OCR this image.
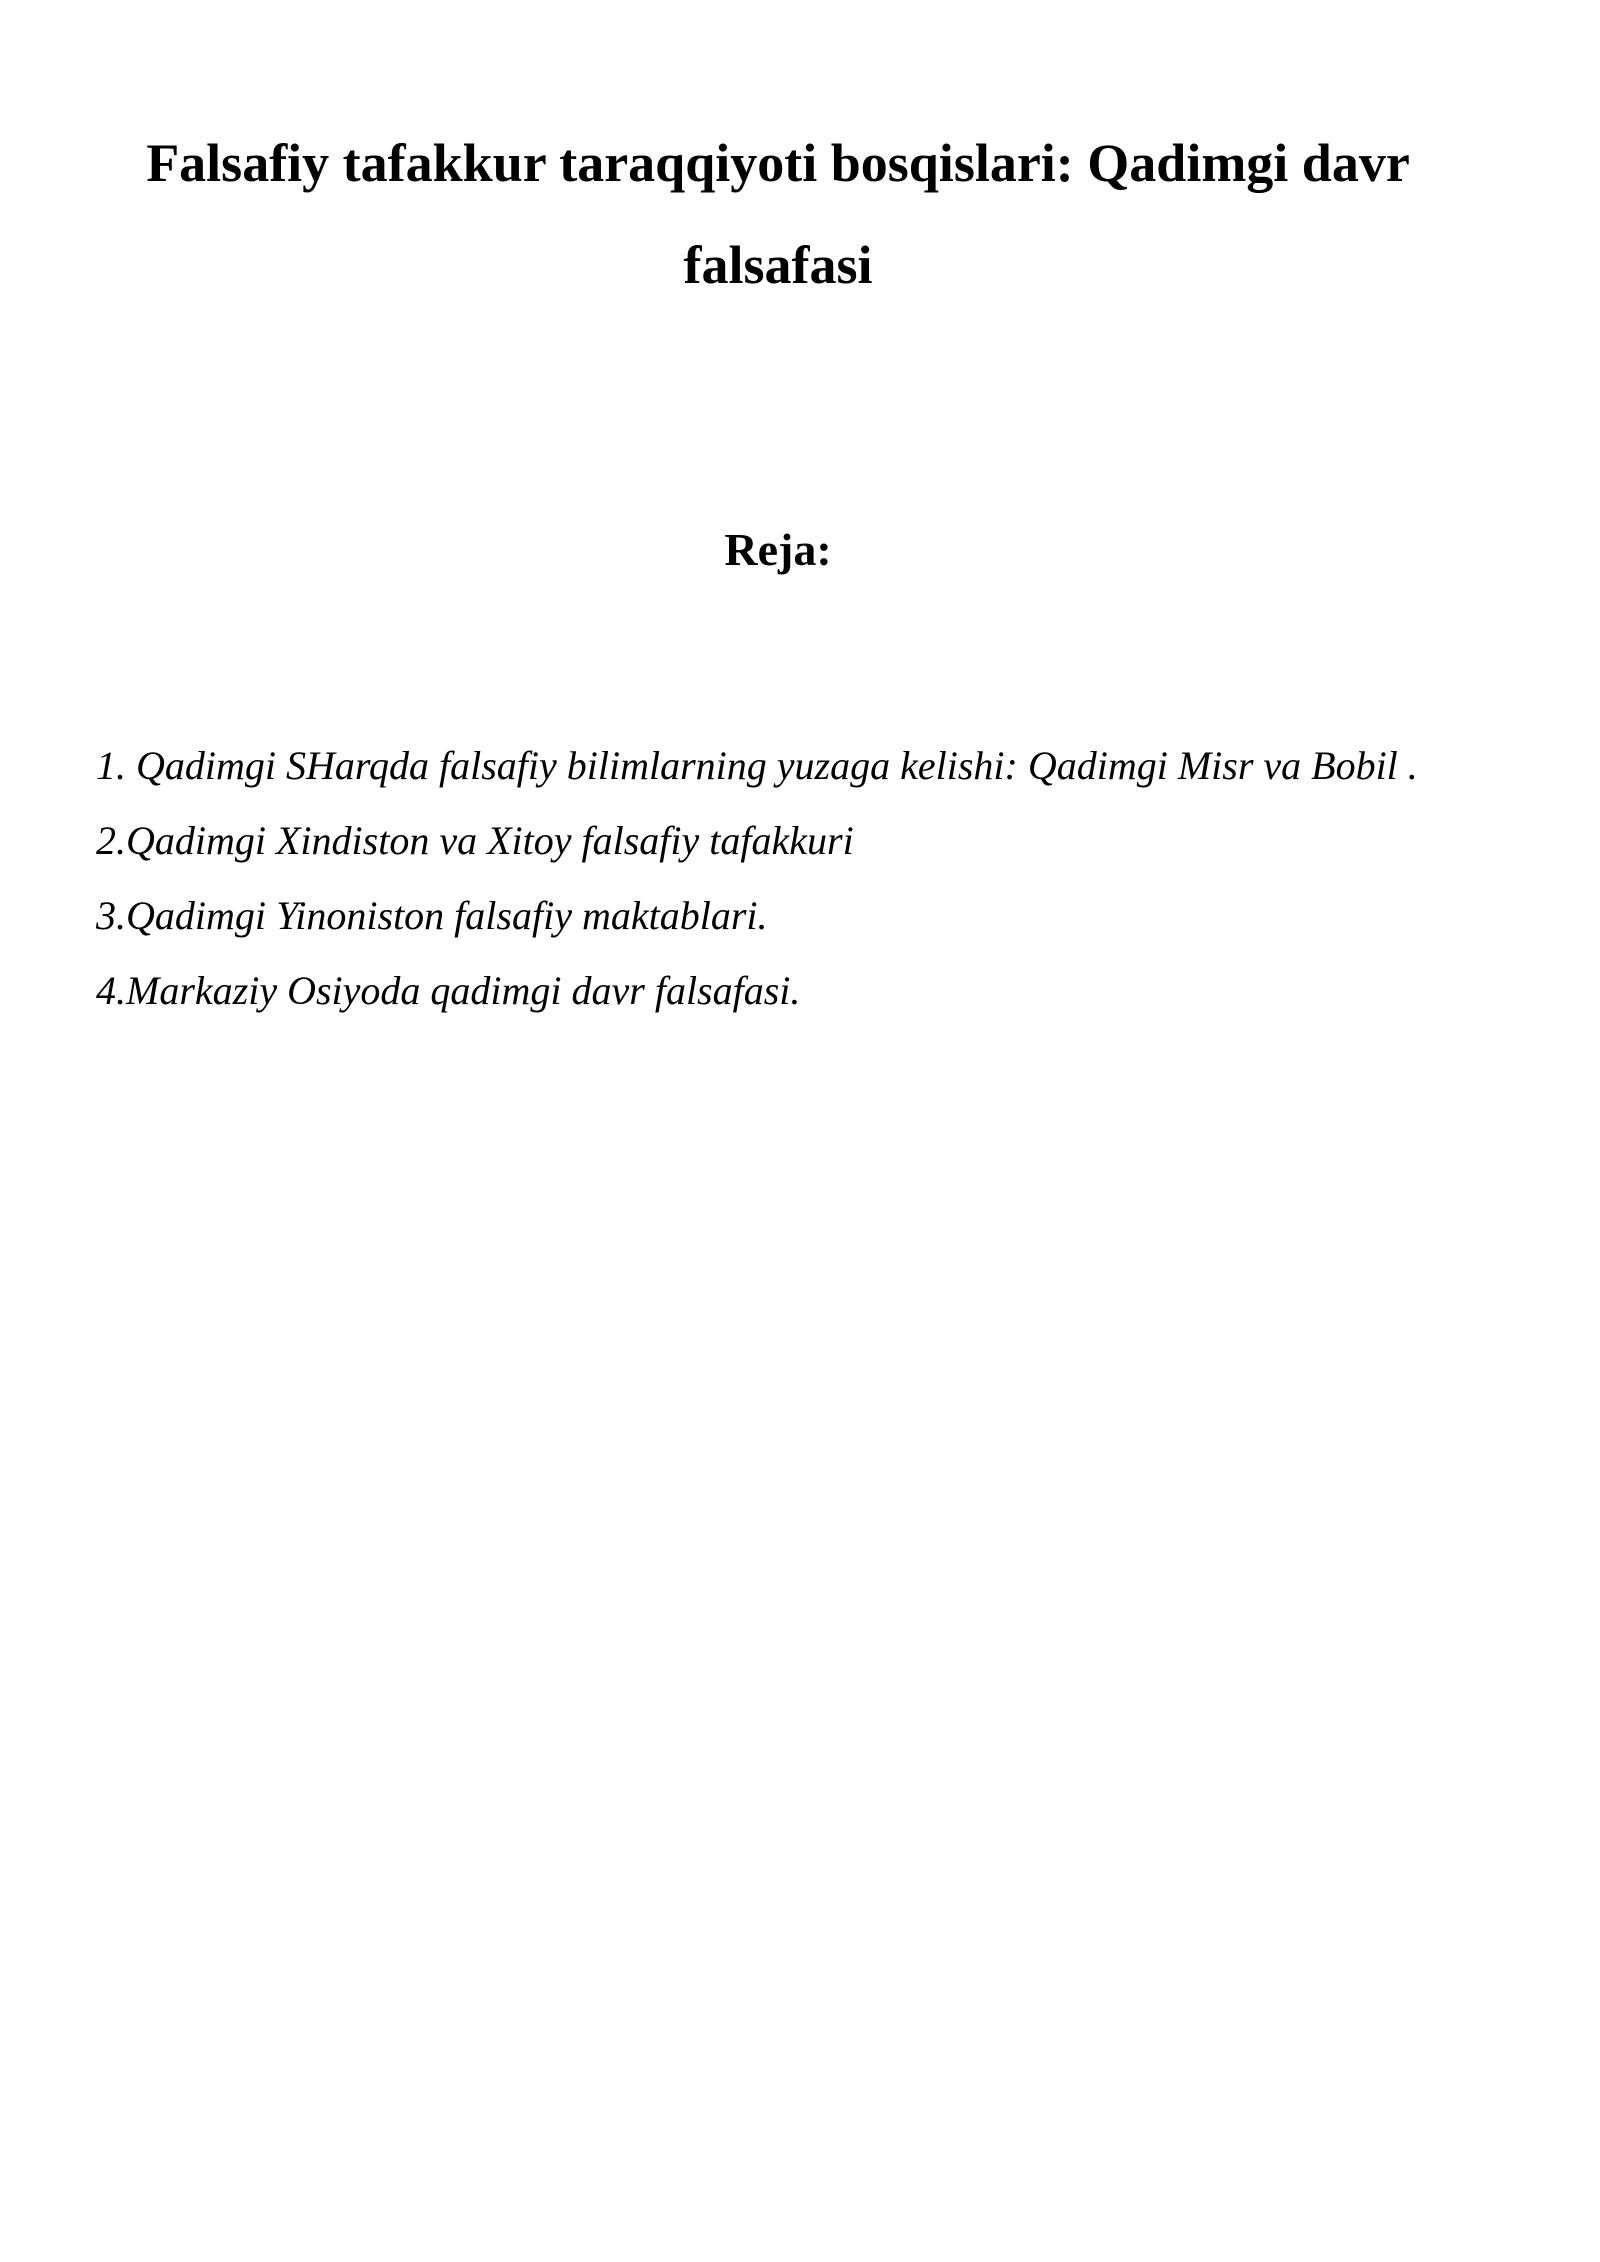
Falsafiy tafakkur taraqqiyoti bosqislari: Qadimgi davr falsafasi
Reja:
1. Qadimgi SHarqda falsafiy bilimlarning yuzaga kelishi: Qadimgi Misr va Bobil .
2.Qadimgi Xindiston va Xitoy falsafiy tafakkuri
3.Qadimgi Yinoniston falsafiy maktablari.
4.Markaziy Osiyoda qadimgi davr falsafasi.
